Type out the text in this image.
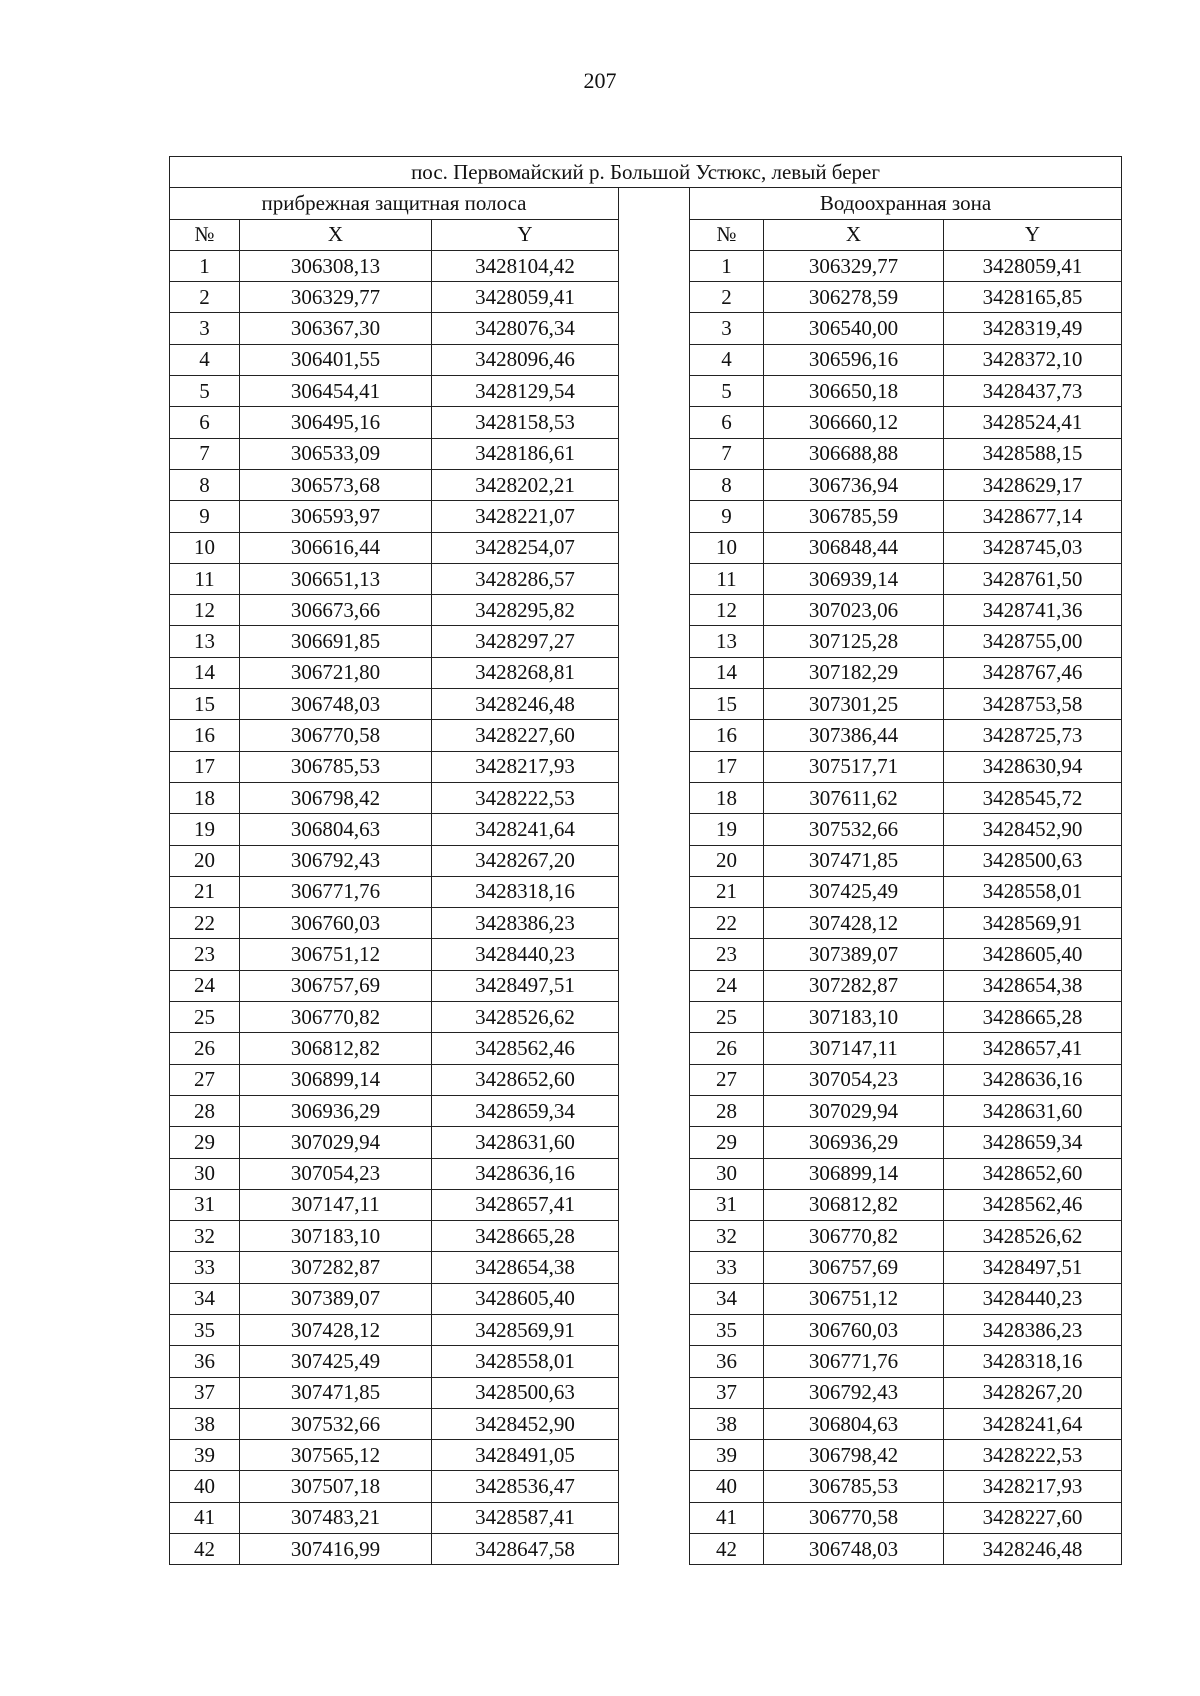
207
пос. Первомайский р. Большой Устюкс, левый берег						
прибрежная защитная полоса				Водоохранная зона		
№	X	Y		№	X	Y
1	306308,13	3428104,42		1	306329,77	3428059,41
2	306329,77	3428059,41		2	306278,59	3428165,85
3	306367,30	3428076,34		3	306540,00	3428319,49
4	306401,55	3428096,46		4	306596,16	3428372,10
5	306454,41	3428129,54		5	306650,18	3428437,73
6	306495,16	3428158,53		6	306660,12	3428524,41
7	306533,09	3428186,61		7	306688,88	3428588,15
8	306573,68	3428202,21		8	306736,94	3428629,17
9	306593,97	3428221,07		9	306785,59	3428677,14
10	306616,44	3428254,07		10	306848,44	3428745,03
11	306651,13	3428286,57		11	306939,14	3428761,50
12	306673,66	3428295,82		12	307023,06	3428741,36
13	306691,85	3428297,27		13	307125,28	3428755,00
14	306721,80	3428268,81		14	307182,29	3428767,46
15	306748,03	3428246,48		15	307301,25	3428753,58
16	306770,58	3428227,60		16	307386,44	3428725,73
17	306785,53	3428217,93		17	307517,71	3428630,94
18	306798,42	3428222,53		18	307611,62	3428545,72
19	306804,63	3428241,64		19	307532,66	3428452,90
20	306792,43	3428267,20		20	307471,85	3428500,63
21	306771,76	3428318,16		21	307425,49	3428558,01
22	306760,03	3428386,23		22	307428,12	3428569,91
23	306751,12	3428440,23		23	307389,07	3428605,40
24	306757,69	3428497,51		24	307282,87	3428654,38
25	306770,82	3428526,62		25	307183,10	3428665,28
26	306812,82	3428562,46		26	307147,11	3428657,41
27	306899,14	3428652,60		27	307054,23	3428636,16
28	306936,29	3428659,34		28	307029,94	3428631,60
29	307029,94	3428631,60		29	306936,29	3428659,34
30	307054,23	3428636,16		30	306899,14	3428652,60
31	307147,11	3428657,41		31	306812,82	3428562,46
32	307183,10	3428665,28		32	306770,82	3428526,62
33	307282,87	3428654,38		33	306757,69	3428497,51
34	307389,07	3428605,40		34	306751,12	3428440,23
35	307428,12	3428569,91		35	306760,03	3428386,23
36	307425,49	3428558,01		36	306771,76	3428318,16
37	307471,85	3428500,63		37	306792,43	3428267,20
38	307532,66	3428452,90		38	306804,63	3428241,64
39	307565,12	3428491,05		39	306798,42	3428222,53
40	307507,18	3428536,47		40	306785,53	3428217,93
41	307483,21	3428587,41		41	306770,58	3428227,60
42	307416,99	3428647,58		42	306748,03	3428246,48
